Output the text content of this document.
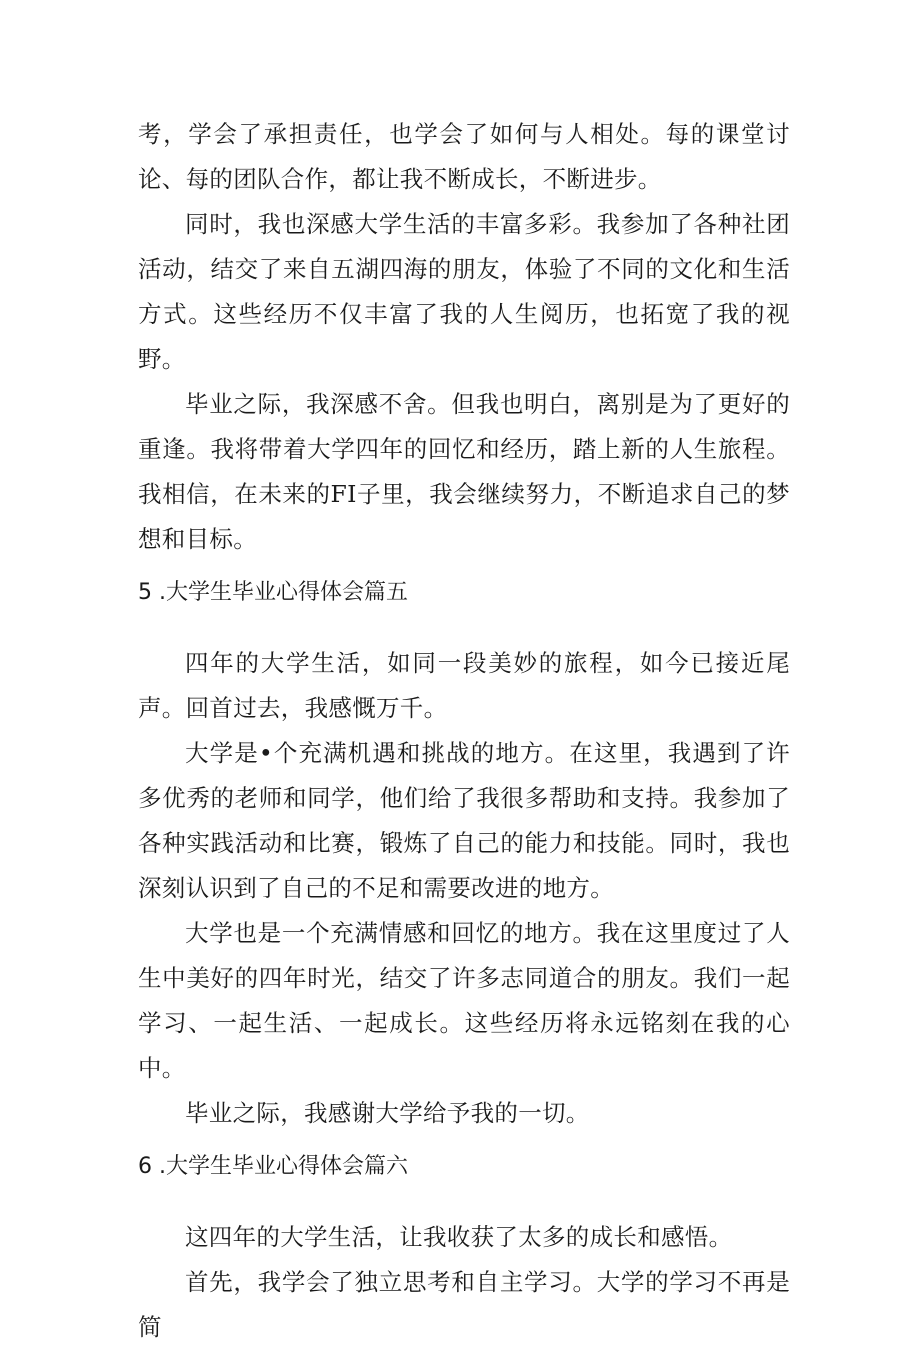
考，学会了承担责任，也学会了如何与人相处。每的课堂讨论、每的团队合作，都让我不断成长，不断进步。

同时，我也深感大学生活的丰富多彩。我参加了各种社团活动，结交了来自五湖四海的朋友，体验了不同的文化和生活方式。这些经历不仅丰富了我的人生阅历，也拓宽了我的视野。

毕业之际，我深感不舍。但我也明白，离别是为了更好的重逢。我将带着大学四年的回忆和经历，踏上新的人生旅程。我相信，在未来的FI子里，我会继续努力，不断追求自己的梦想和目标。

5 .大学生毕业心得体会篇五

四年的大学生活，如同一段美妙的旅程，如今已接近尾声。回首过去，我感慨万千。

大学是•个充满机遇和挑战的地方。在这里，我遇到了许多优秀的老师和同学，他们给了我很多帮助和支持。我参加了各种实践活动和比赛，锻炼了自己的能力和技能。同时，我也深刻认识到了自己的不足和需要改进的地方。

大学也是一个充满情感和回忆的地方。我在这里度过了人生中美好的四年时光，结交了许多志同道合的朋友。我们一起学习、一起生活、一起成长。这些经历将永远铭刻在我的心中。

毕业之际，我感谢大学给予我的一切。

6 .大学生毕业心得体会篇六

这四年的大学生活，让我收获了太多的成长和感悟。

首先，我学会了独立思考和自主学习。大学的学习不再是简
